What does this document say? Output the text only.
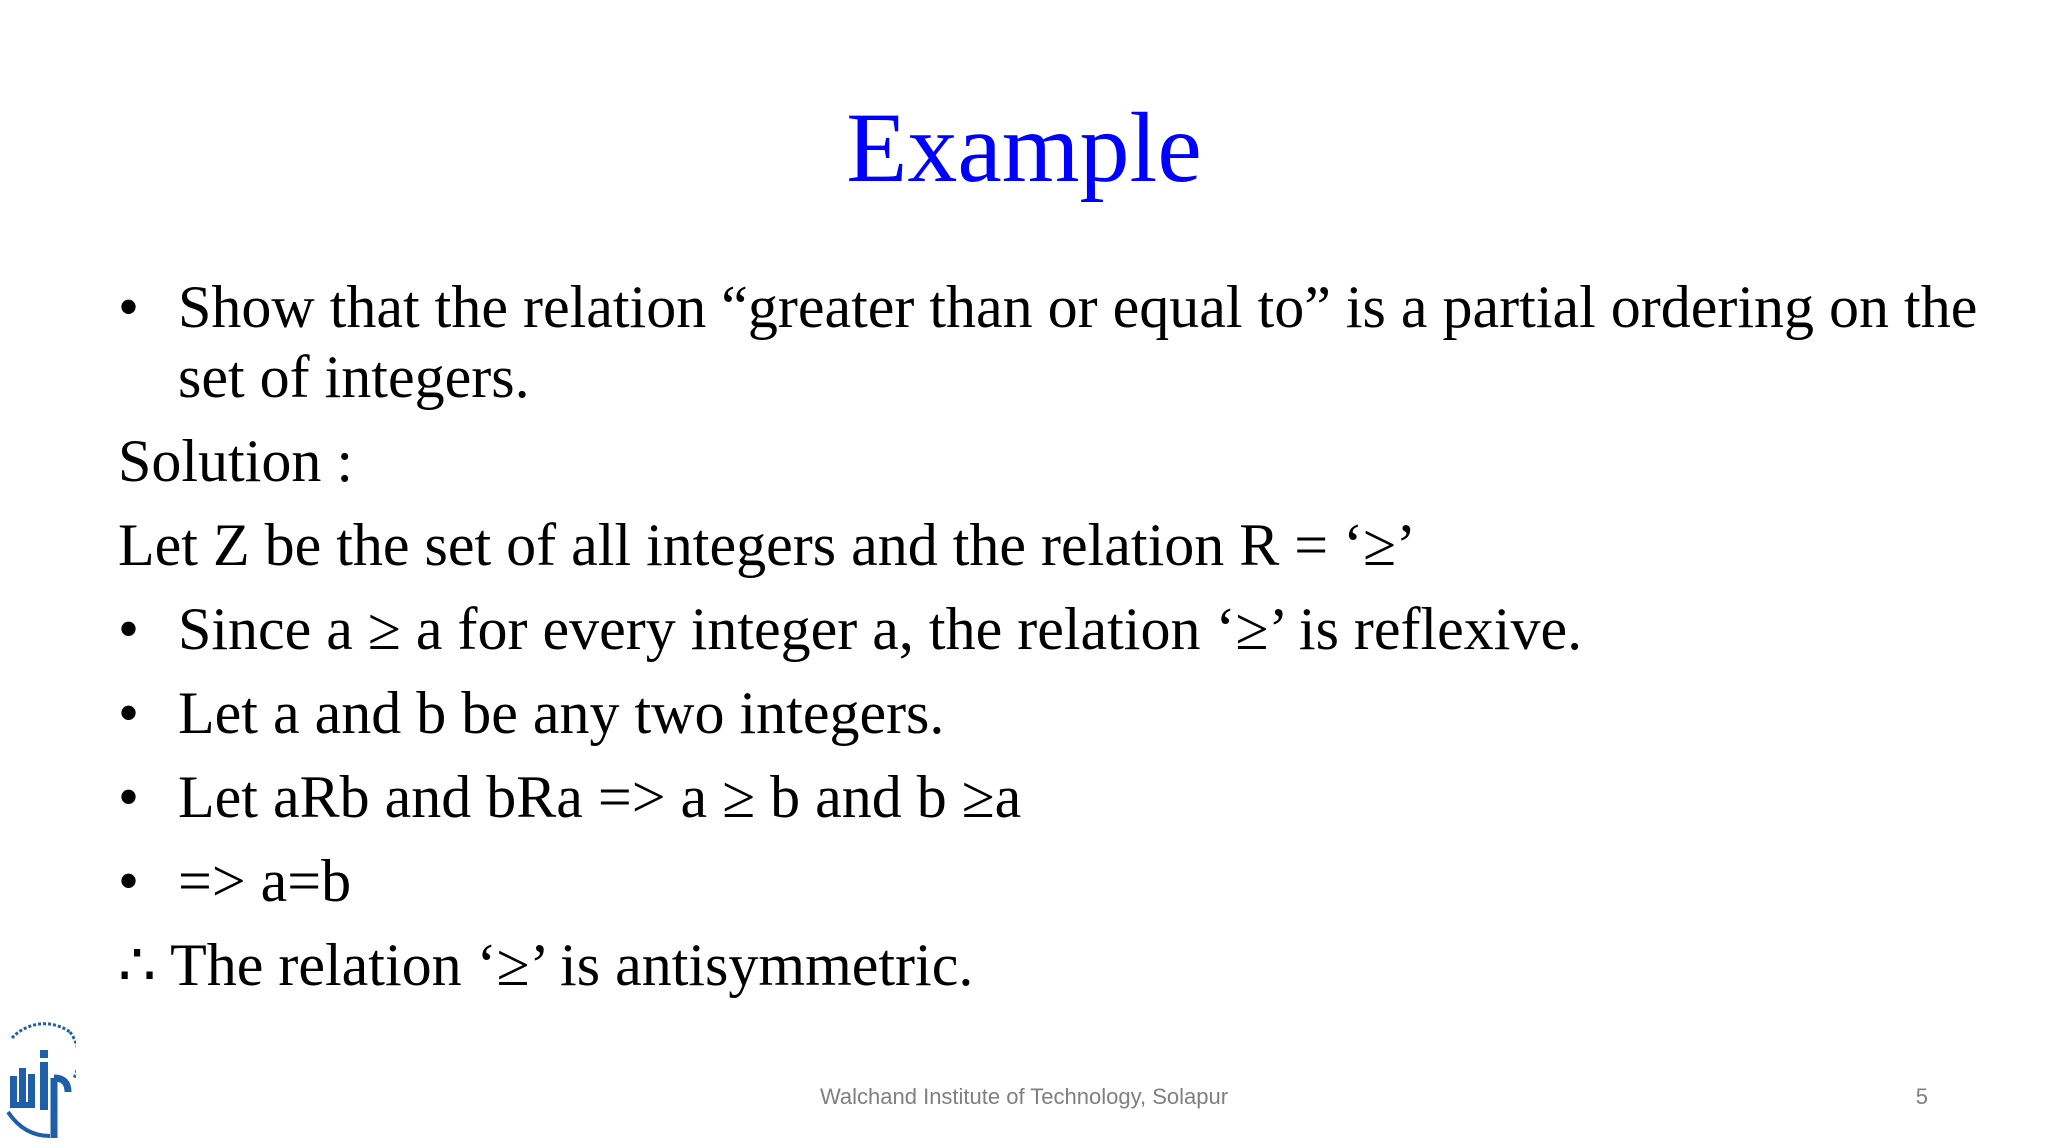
Example
• Show that the relation “greater than or equal to” is a partial ordering on the set of integers.
Solution :
Let Z be the set of all integers and the relation R = ‘≥’
• Since a ≥ a for every integer a, the relation ‘≥’ is reflexive.
• Let a and b be any two integers.
• Let aRb and bRa => a ≥ b and b ≥a
• => a=b
∴ The relation ‘≥’ is antisymmetric.
Walchand Institute of Technology, Solapur	5
